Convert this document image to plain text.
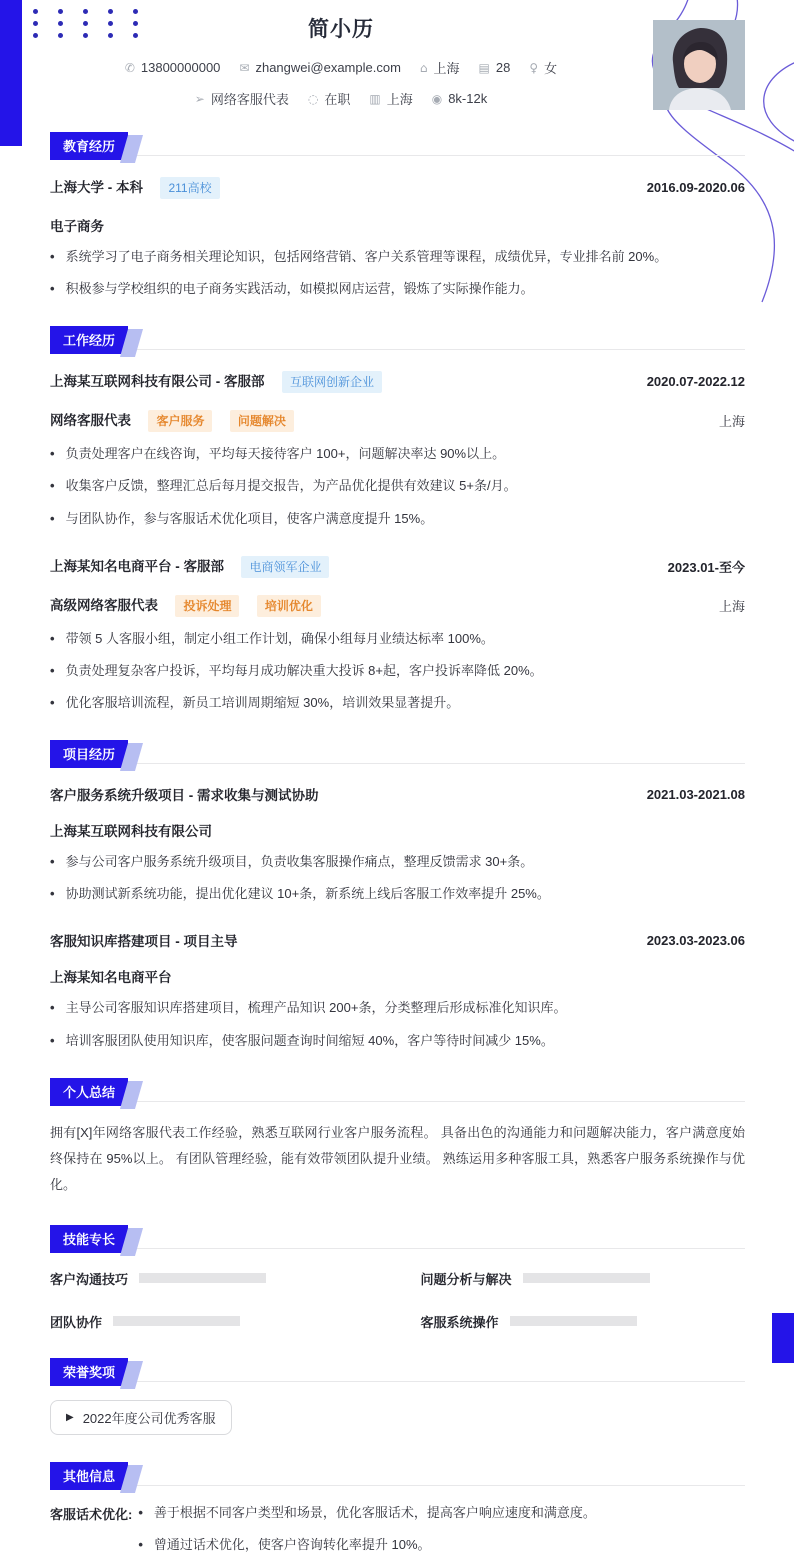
简小历
✆ 13800000000 ✉ zhangwei@example.com ⌂ 上海 ▤ 28 ♀ 女
➢ 网络客服代表 ◌ 在职 ▥ 上海 ◉ 8k-12k
教育经历
上海大学 - 本科 211高校	2016.09-2020.06
电子商务
• 系统学习了电子商务相关理论知识，包括网络营销、客户关系管理等课程，成绩优异，专业排名前 20%。
• 积极参与学校组织的电子商务实践活动，如模拟网店运营，锻炼了实际操作能力。
工作经历
上海某互联网科技有限公司 - 客服部 互联网创新企业	2020.07-2022.12
网络客服代表 客户服务	问题解决	上海
• 负责处理客户在线咨询，平均每天接待客户 100+，问题解决率达 90%以上。
• 收集客户反馈，整理汇总后每月提交报告，为产品优化提供有效建议 5+条/月。
• 与团队协作，参与客服话术优化项目，使客户满意度提升 15%。
上海某知名电商平台 - 客服部 电商领军企业	2023.01-至今
高级网络客服代表 投诉处理	培训优化	上海
• 带领 5 人客服小组，制定小组工作计划，确保小组每月业绩达标率 100%。
• 负责处理复杂客户投诉，平均每月成功解决重大投诉 8+起，客户投诉率降低 20%。
• 优化客服培训流程，新员工培训周期缩短 30%，培训效果显著提升。
项目经历
客户服务系统升级项目 - 需求收集与测试协助	2021.03-2021.08
上海某互联网科技有限公司
• 参与公司客户服务系统升级项目，负责收集客服操作痛点，整理反馈需求 30+条。
• 协助测试新系统功能，提出优化建议 10+条，新系统上线后客服工作效率提升 25%。
客服知识库搭建项目 - 项目主导	2023.03-2023.06
上海某知名电商平台
• 主导公司客服知识库搭建项目，梳理产品知识 200+条，分类整理后形成标准化知识库。
• 培训客服团队使用知识库，使客服问题查询时间缩短 40%，客户等待时间减少 15%。
个人总结

拥有[X]年网络客服代表工作经验，熟悉互联网行业客户服务流程。 具备出色的沟通能力和问题解决能力，客户满意度始终保持在 95%以上。 有团队管理经验，能有效带领团队提升业绩。 熟练运用多种客服工具，熟悉客户服务系统操作与优化。

技能专长
客户沟通技巧	问题分析与解决
团队协作	客服系统操作
荣誉奖项
▶ 2022年度公司优秀客服
其他信息
客服话术优化:	• 善于根据不同客户类型和场景，优化客服话术，提高客户响应速度和满意度。
• 曾通过话术优化，使客户咨询转化率提升 10%。
